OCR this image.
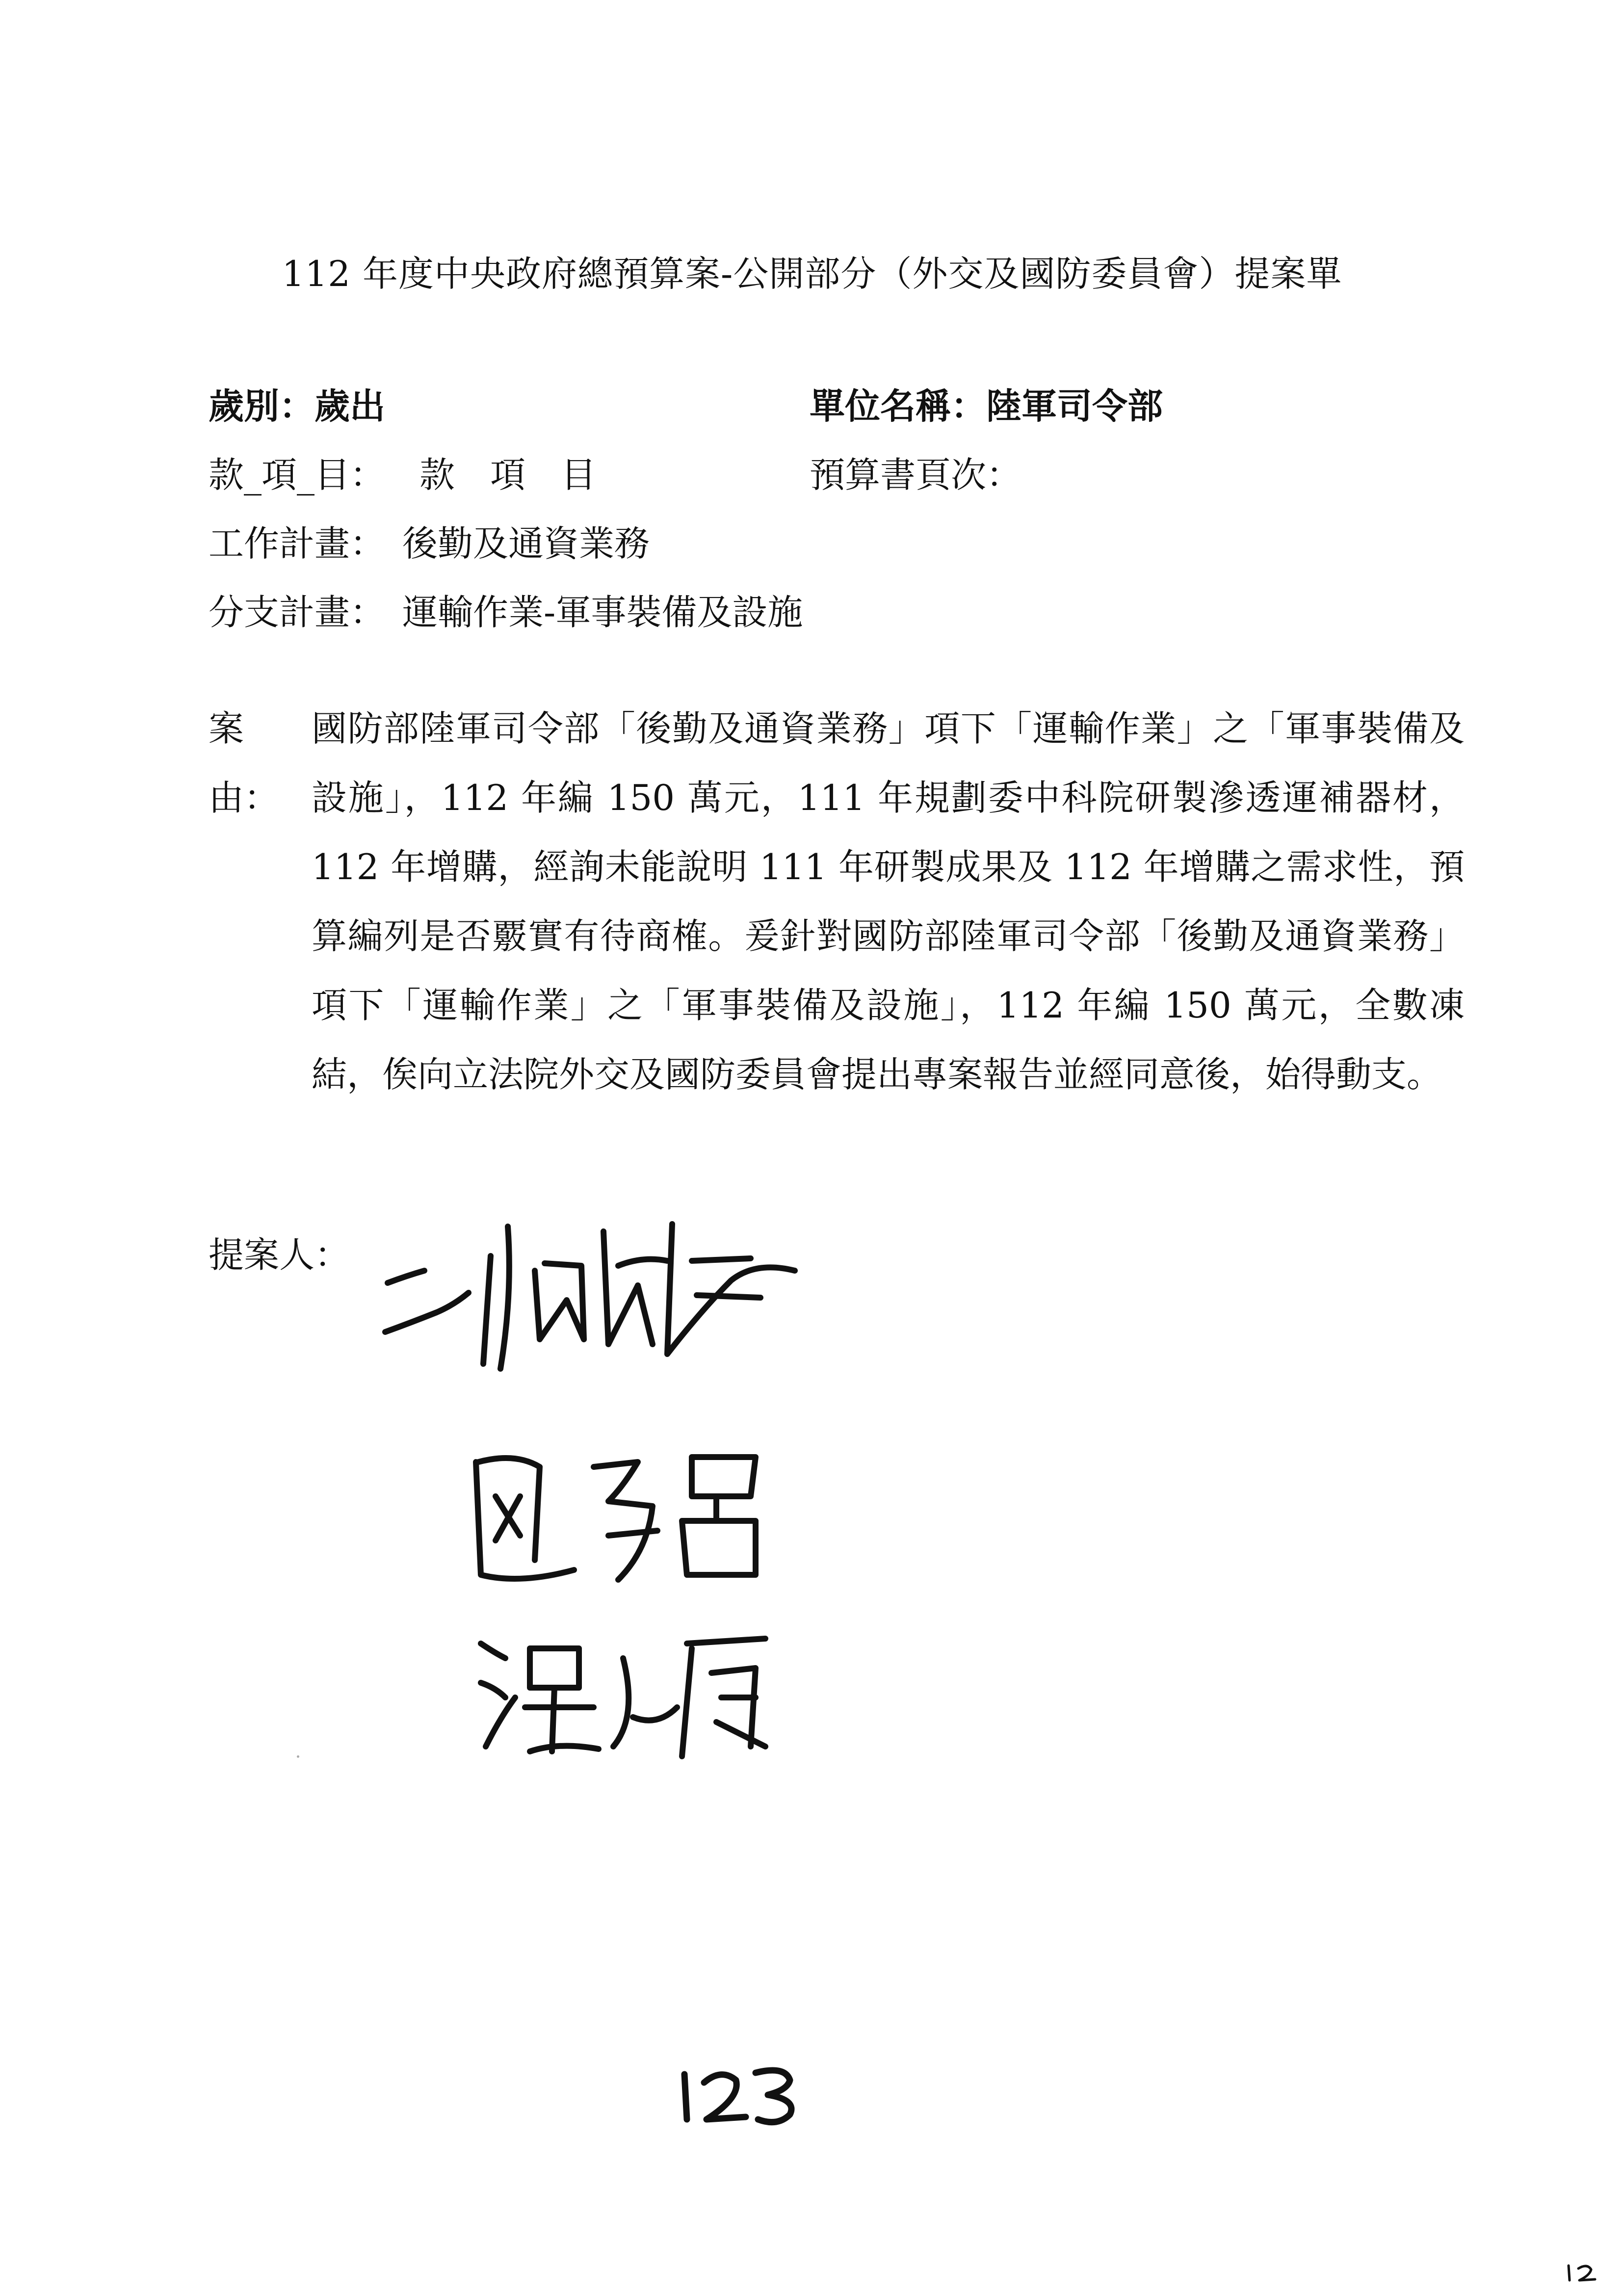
112 年度中央政府總預算案-公開部分（外交及國防委員會）提案單
歲別：歲出	單位名稱：陸軍司令部
款_項_目： 款　項　目	預算書頁次：
工作計畫： 後勤及通資業務
分支計畫： 運輸作業-軍事裝備及設施
案由：
國防部陸軍司令部「後勤及通資業務」項下「運輸作業」之「軍事裝備及設施」，112 年編 150 萬元，111 年規劃委中科院研製滲透運補器材，112 年增購，經詢未能說明 111 年研製成果及 112 年增購之需求性，預算編列是否覈實有待商榷。爰針對國防部陸軍司令部「後勤及通資業務」項下「運輸作業」之「軍事裝備及設施」，112 年編 150 萬元，全數凍結，俟向立法院外交及國防委員會提出專案報告並經同意後，始得動支。
提案人：
